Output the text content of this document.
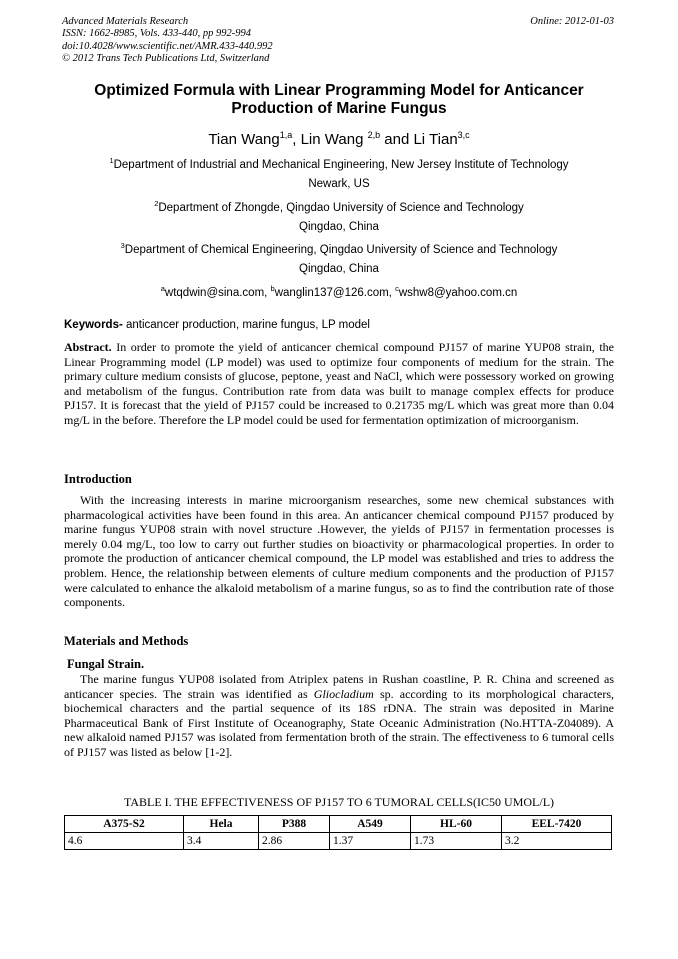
Advanced Materials Research
ISSN: 1662-8985, Vols. 433-440, pp 992-994
doi:10.4028/www.scientific.net/AMR.433-440.992
© 2012 Trans Tech Publications Ltd, Switzerland
Online: 2012-01-03
Optimized Formula with Linear Programming Model for Anticancer Production of Marine Fungus
Tian Wang$^{1,a}$, Lin Wang $^{2,b}$ and Li Tian$^{3,c}$
$^1$Department of Industrial and Mechanical Engineering, New Jersey Institute of Technology
Newark, US
$^2$Department of Zhongde, Qingdao University of Science and Technology
Qingdao, China
$^3$Department of Chemical Engineering, Qingdao University of Science and Technology
Qingdao, China
$^a$wtqdwin@sina.com, $^b$wanglin137@126.com, $^c$wshw8@yahoo.com.cn
Keywords- anticancer production, marine fungus, LP model
Abstract. In order to promote the yield of anticancer chemical compound PJ157 of marine YUP08 strain, the Linear Programming model (LP model) was used to optimize four components of medium for the strain. The primary culture medium consists of glucose, peptone, yeast and NaCl, which were possessory worked on growing and metabolism of the fungus. Contribution rate from data was built to manage complex effects for produce PJ157. It is forecast that the yield of PJ157 could be increased to 0.21735 mg/L which was great more than 0.04 mg/L in the before. Therefore the LP model could be used for fermentation optimization of microorganism.
Introduction
With the increasing interests in marine microorganism researches, some new chemical substances with pharmacological activities have been found in this area. An anticancer chemical compound PJ157 produced by marine fungus YUP08 strain with novel structure .However, the yields of PJ157 in fermentation processes is merely 0.04 mg/L, too low to carry out further studies on bioactivity or pharmacological properties. In order to promote the production of anticancer chemical compound, the LP model was established and tries to address the problem. Hence, the relationship between elements of culture medium components and the production of PJ157 were calculated to enhance the alkaloid metabolism of a marine fungus, so as to find the contribution rate of those components.
Materials and Methods
Fungal Strain.
The marine fungus YUP08 isolated from Atriplex patens in Rushan coastline, P. R. China and screened as anticancer species. The strain was identified as Gliocladium sp. according to its morphological characters, biochemical characters and the partial sequence of its 18S rDNA. The strain was deposited in Marine Pharmaceutical Bank of First Institute of Oceanography, State Oceanic Administration (No.HTTA-Z04089). A new alkaloid named PJ157 was isolated from fermentation broth of the strain. The effectiveness to 6 tumoral cells of PJ157 was listed as below [1-2].
TABLE I. THE EFFECTIVENESS OF PJ157 TO 6 TUMORAL CELLS(IC50 UMOL/L)
A375-S2	Hela	P388	A549	HL-60	EEL-7420
4.6	3.4	2.86	1.37	1.73	3.2
